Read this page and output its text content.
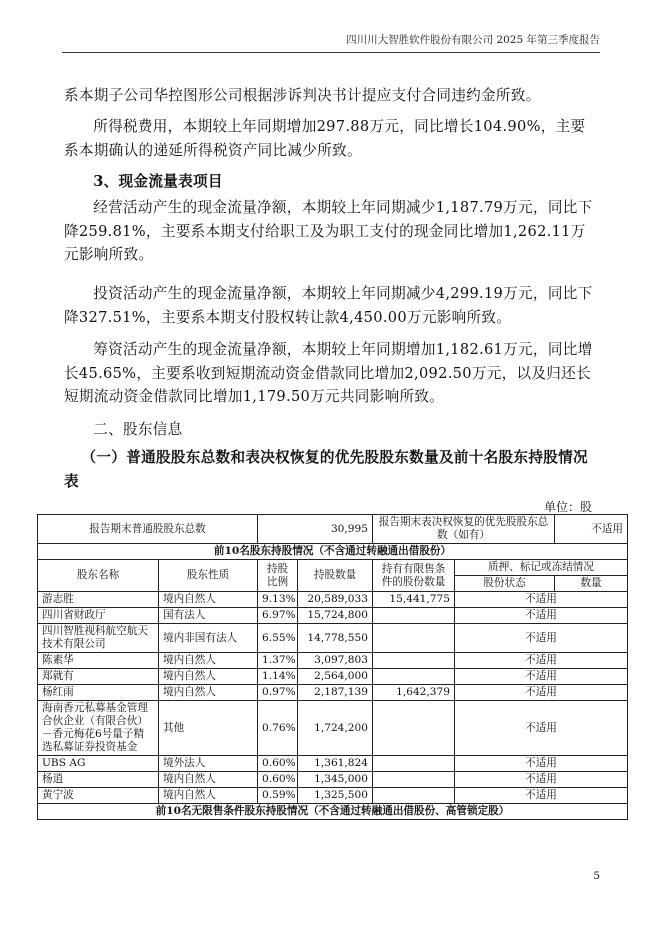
四川川大智胜软件股份有限公司 2025 年第三季度报告

系本期子公司华控图形公司根据涉诉判决书计提应支付合同违约金所致。

所得税费用，本期较上年同期增加297.88万元，同比增长104.90%，主要系本期确认的递延所得税资产同比减少所致。

3、现金流量表项目

经营活动产生的现金流量净额，本期较上年同期减少1,187.79万元，同比下降259.81%，主要系本期支付给职工及为职工支付的现金同比增加1,262.11万元影响所致。

投资活动产生的现金流量净额，本期较上年同期减少4,299.19万元，同比下降327.51%，主要系本期支付股权转让款4,450.00万元影响所致。

筹资活动产生的现金流量净额，本期较上年同期增加1,182.61万元，同比增长45.65%，主要系收到短期流动资金借款同比增加2,092.50万元，以及归还长短期流动资金借款同比增加1,179.50万元共同影响所致。

二、股东信息

（一）普通股股东总数和表决权恢复的优先股股东数量及前十名股东持股情况表

单位：股
报告期末普通股股东总数		30,995		报告期末表决权恢复的优先股股东总数（如有）		不适用
前10名股东持股情况（不含通过转融通出借股份）						
股东名称	股东性质	持股比例	持股数量	持有有限售条件的股份数量	质押、标记或冻结情况	
					股份状态	数量
游志胜	境内自然人	9.13%	20,589,033	15,441,775	不适用	
四川省财政厅	国有法人	6.97%	15,724,800		不适用	
四川智胜视科航空航天技术有限公司	境内非国有法人	6.55%	14,778,550		不适用	
陈素华	境内自然人	1.37%	3,097,803		不适用	
郑就有	境内自然人	1.14%	2,564,000		不适用	
杨红雨	境内自然人	0.97%	2,187,139	1,642,379	不适用	
海南香元私募基金管理合伙企业（有限合伙）－香元梅花6号量子精选私募证券投资基金	其他	0.76%	1,724,200		不适用	
UBS AG	境外法人	0.60%	1,361,824		不适用	
杨逍	境内自然人	0.60%	1,345,000		不适用	
黄宁波	境内自然人	0.59%	1,325,500		不适用	
前10名无限售条件股东持股情况（不含通过转融通出借股份、高管锁定股）						
5
